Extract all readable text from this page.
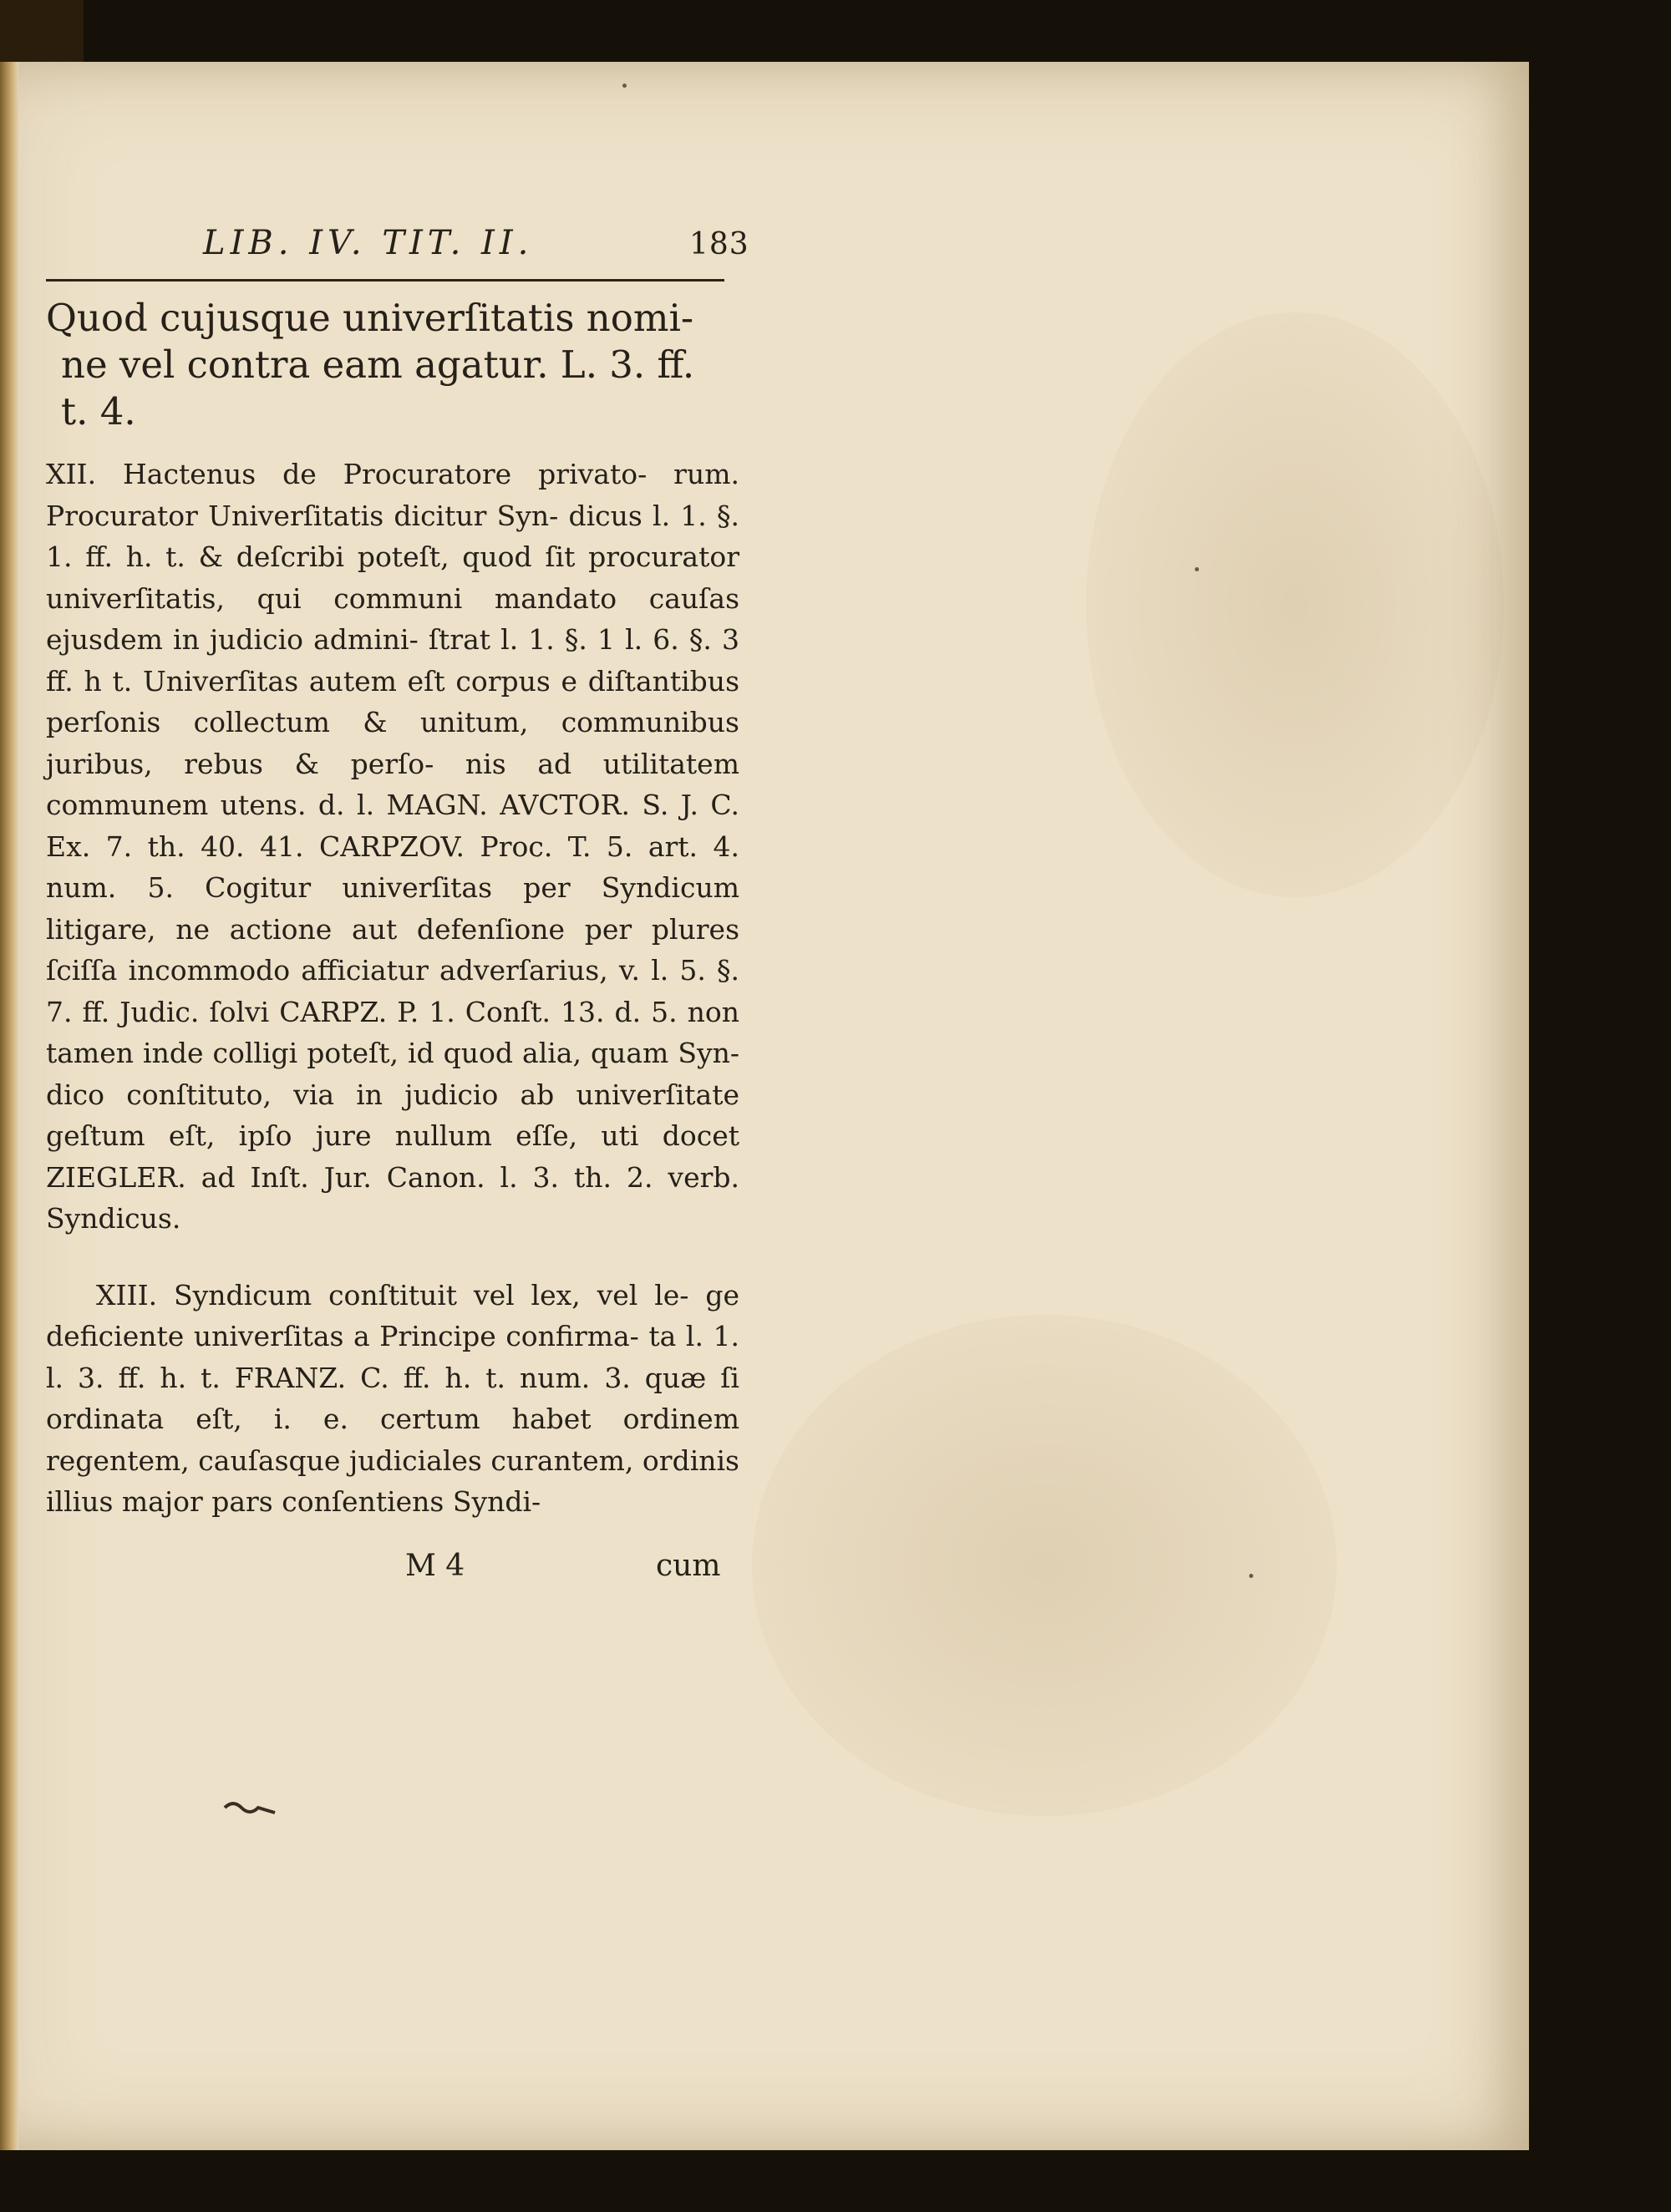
LIB. IV. TIT. II.	183
Quod cujusque univerſitatis nomi-
ne vel contra eam agatur. L. 3. ff.
t. 4.

XII. Hactenus de Procuratore privato- rum. Procurator Univerſitatis dicitur Syn- dicus l. 1. §. 1. ff. h. t. & deſcribi poteſt, quod ſit procurator univerſitatis, qui communi mandato cauſas ejusdem in judicio admini- ſtrat l. 1. §. 1 l. 6. §. 3 ff. h t. Univerſitas autem eſt corpus e diſtantibus perſonis collectum & unitum, communibus juribus, rebus & perſo- nis ad utilitatem communem utens. d. l. MAGN. AVCTOR. S. J. C. Ex. 7. th. 40. 41. CARPZOV. Proc. T. 5. art. 4. num. 5. Cogitur univerſitas per Syndicum litigare, ne actione aut defenſione per plures ſciſſa incommodo afficiatur adverſarius, v. l. 5. §. 7. ff. Judic. ſolvi CARPZ. P. 1. Conſt. 13. d. 5. non tamen inde colligi poteſt, id quod alia, quam Syn- dico conſtituto, via in judicio ab univerſitate geſtum eſt, ipſo jure nullum eſſe, uti docet ZIEGLER. ad Inſt. Jur. Canon. l. 3. th. 2. verb. Syndicus.

XIII. Syndicum conſtituit vel lex, vel le- ge deficiente univerſitas a Principe confirma- ta l. 1. l. 3. ff. h. t. FRANZ. C. ff. h. t. num. 3. quæ ſi ordinata eſt, i. e. certum habet ordinem regentem, cauſasque judiciales curantem, ordinis illius major pars conſentiens Syndi-

M 4	cum
